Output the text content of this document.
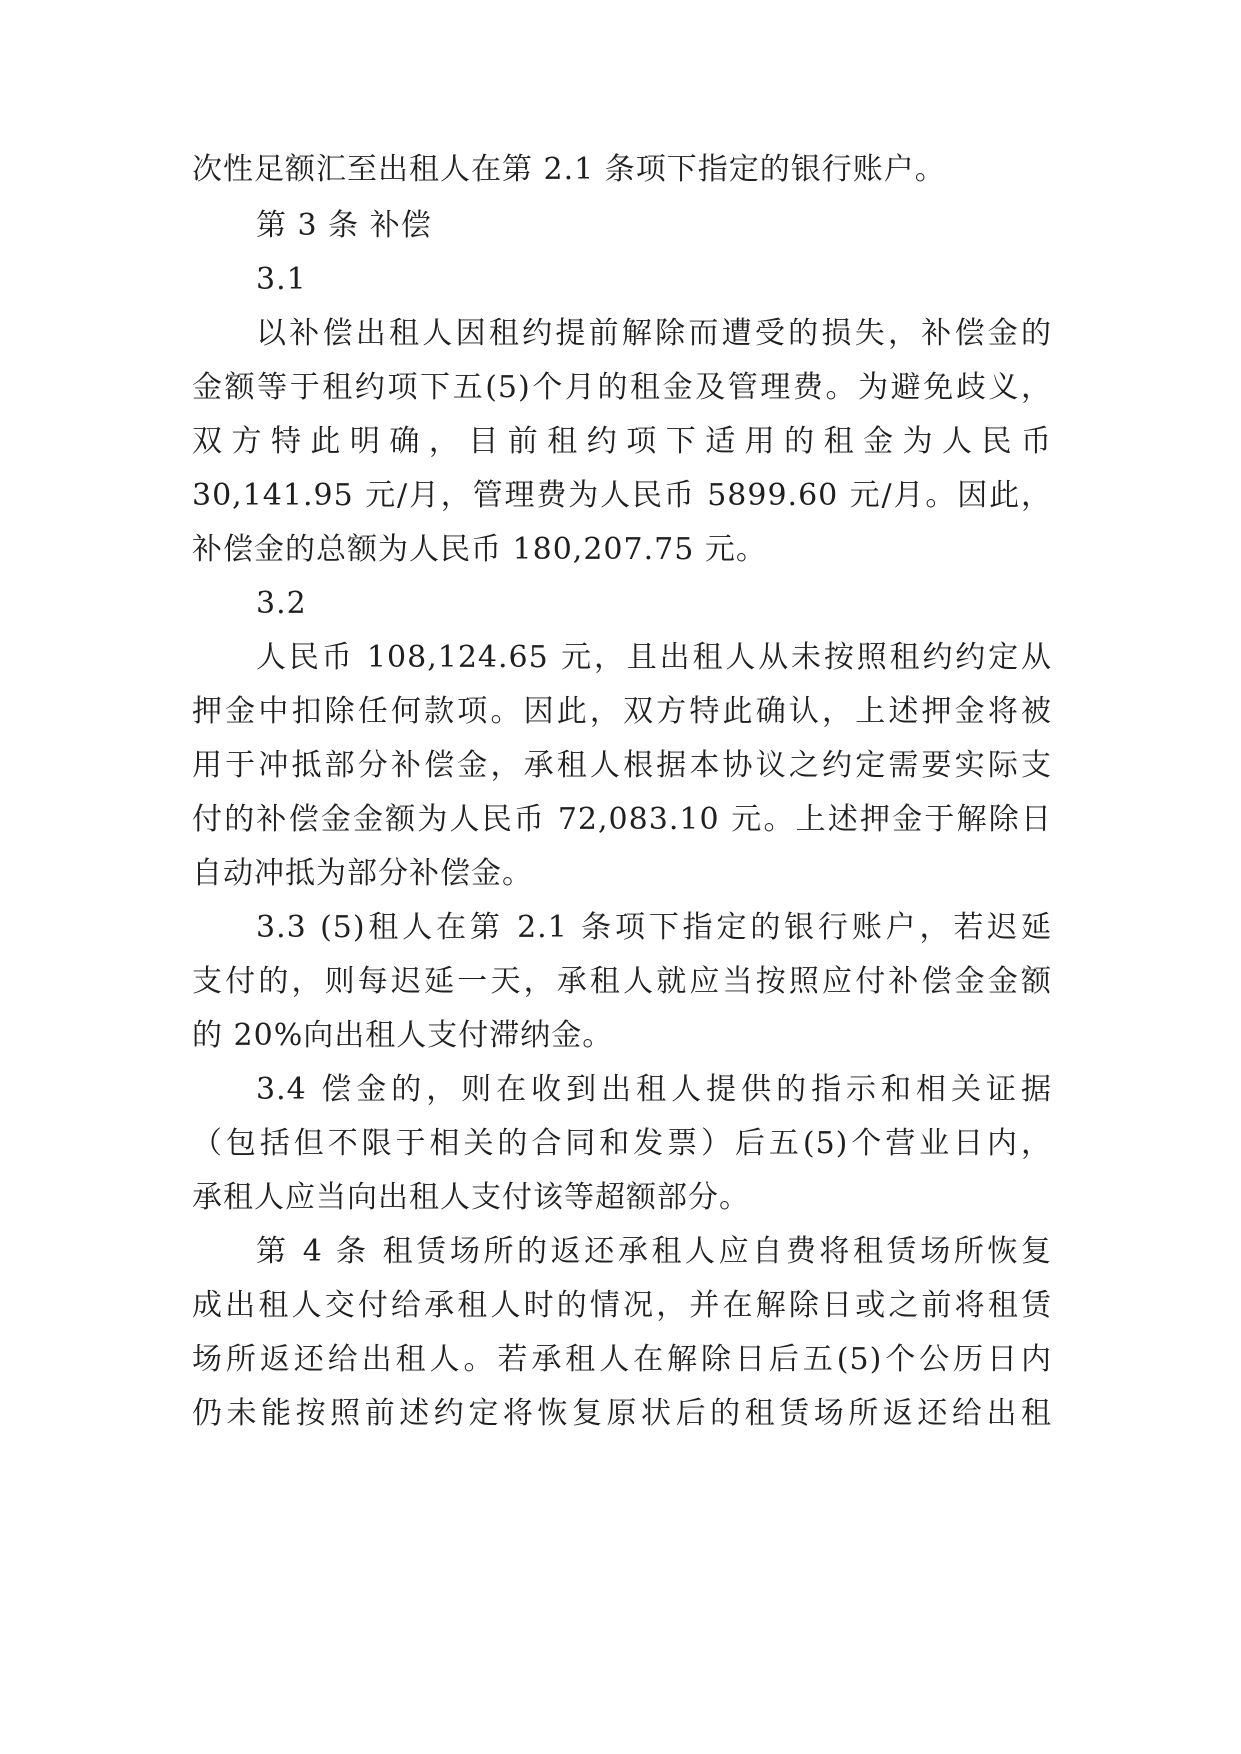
次性足额汇至出租人在第 2.1 条项下指定的银行账户。
第 3 条 补偿
3.1
以补偿出租人因租约提前解除而遭受的损失，补偿金的
金额等于租约项下五(5)个月的租金及管理费。为避免歧义，
双方特此明确，目前租约项下适用的租金为人民币
30,141.95 元/月，管理费为人民币 5899.60 元/月。因此，
补偿金的总额为人民币 180,207.75 元。
3.2
人民币 108,124.65 元，且出租人从未按照租约约定从
押金中扣除任何款项。因此，双方特此确认，上述押金将被
用于冲抵部分补偿金，承租人根据本协议之约定需要实际支
付的补偿金金额为人民币 72,083.10 元。上述押金于解除日
自动冲抵为部分补偿金。
3.3 (5)租人在第 2.1 条项下指定的银行账户，若迟延
支付的，则每迟延一天，承租人就应当按照应付补偿金金额
的 20%向出租人支付滞纳金。
3.4 偿金的，则在收到出租人提供的指示和相关证据
（包括但不限于相关的合同和发票）后五(5)个营业日内，
承租人应当向出租人支付该等超额部分。
第 4 条 租赁场所的返还承租人应自费将租赁场所恢复
成出租人交付给承租人时的情况，并在解除日或之前将租赁
场所返还给出租人。若承租人在解除日后五(5)个公历日内
仍未能按照前述约定将恢复原状后的租赁场所返还给出租
